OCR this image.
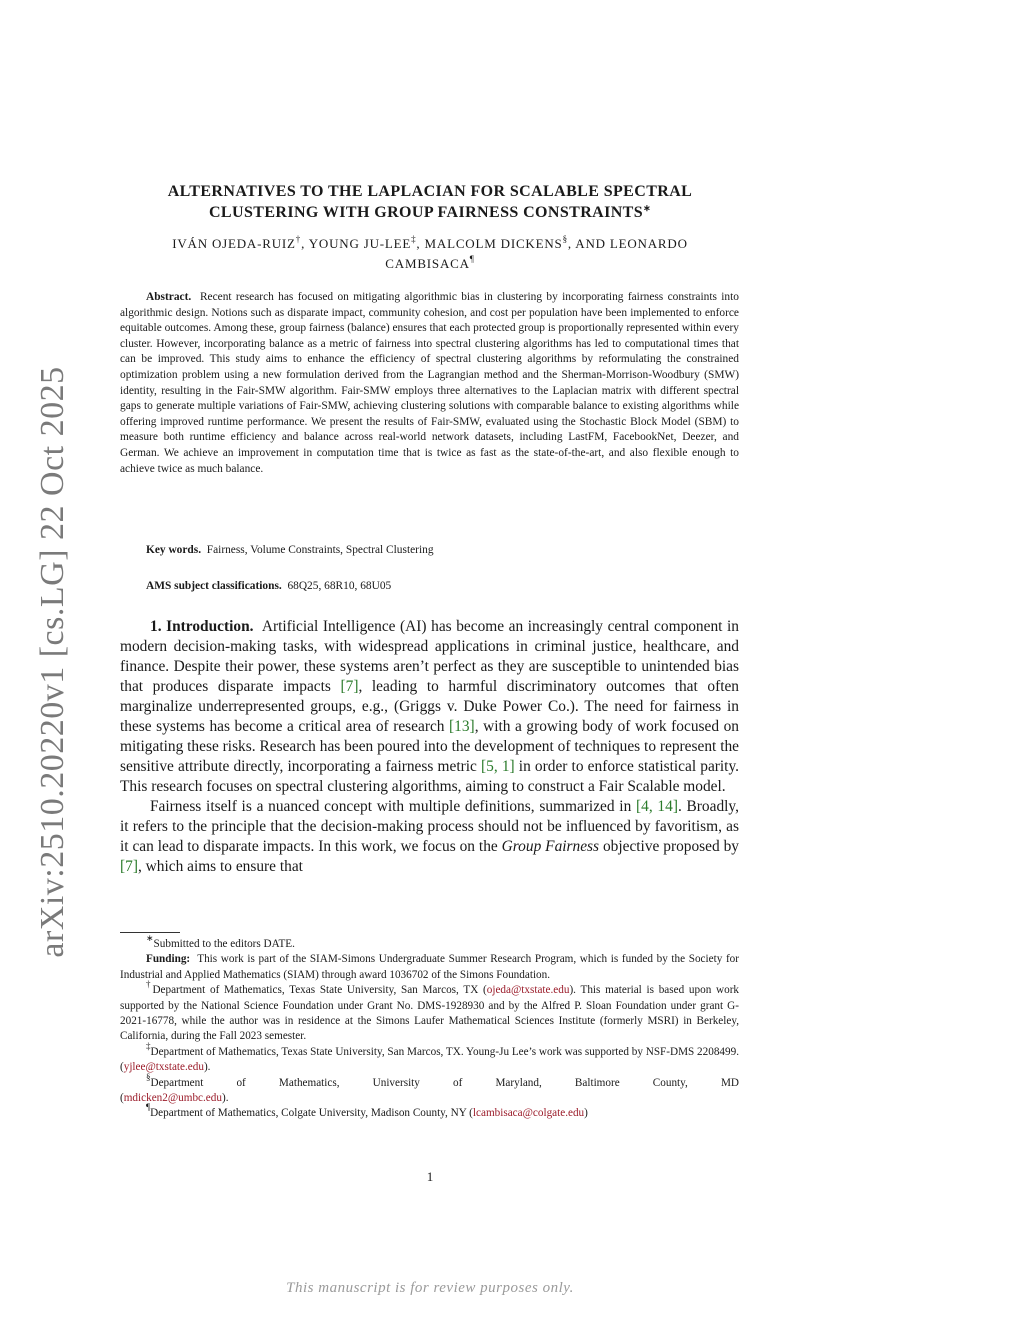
arXiv:2510.20220v1 [cs.LG] 22 Oct 2025
ALTERNATIVES TO THE LAPLACIAN FOR SCALABLE SPECTRAL
CLUSTERING WITH GROUP FAIRNESS CONSTRAINTS∗
IVÁN OJEDA-RUIZ†, YOUNG JU-LEE‡, MALCOLM DICKENS§, AND LEONARDO
CAMBISACA¶

Abstract. Recent research has focused on mitigating algorithmic bias in clustering by incorporating fairness constraints into algorithmic design. Notions such as disparate impact, community cohesion, and cost per population have been implemented to enforce equitable outcomes. Among these, group fairness (balance) ensures that each protected group is proportionally represented within every cluster. However, incorporating balance as a metric of fairness into spectral clustering algorithms has led to computational times that can be improved. This study aims to enhance the efficiency of spectral clustering algorithms by reformulating the constrained optimization problem using a new formulation derived from the Lagrangian method and the Sherman-Morrison-Woodbury (SMW) identity, resulting in the Fair-SMW algorithm. Fair-SMW employs three alternatives to the Laplacian matrix with different spectral gaps to generate multiple variations of Fair-SMW, achieving clustering solutions with comparable balance to existing algorithms while offering improved runtime performance. We present the results of Fair-SMW, evaluated using the Stochastic Block Model (SBM) to measure both runtime efficiency and balance across real-world network datasets, including LastFM, FacebookNet, Deezer, and German. We achieve an improvement in computation time that is twice as fast as the state-of-the-art, and also flexible enough to achieve twice as much balance.

Key words. Fairness, Volume Constraints, Spectral Clustering
AMS subject classifications. 68Q25, 68R10, 68U05

1. Introduction. Artificial Intelligence (AI) has become an increasingly central component in modern decision-making tasks, with widespread applications in criminal justice, healthcare, and finance. Despite their power, these systems aren’t perfect as they are susceptible to unintended bias that produces disparate impacts [7], leading to harmful discriminatory outcomes that often marginalize underrepresented groups, e.g., (Griggs v. Duke Power Co.). The need for fairness in these systems has become a critical area of research [13], with a growing body of work focused on mitigating these risks. Research has been poured into the development of techniques to represent the sensitive attribute directly, incorporating a fairness metric [5, 1] in order to enforce statistical parity. This research focuses on spectral clustering algorithms, aiming to construct a Fair Scalable model.

Fairness itself is a nuanced concept with multiple definitions, summarized in [4, 14]. Broadly, it refers to the principle that the decision-making process should not be influenced by favoritism, as it can lead to disparate impacts. In this work, we focus on the Group Fairness objective proposed by [7], which aims to ensure that

∗Submitted to the editors DATE.

Funding: This work is part of the SIAM-Simons Undergraduate Summer Research Program, which is funded by the Society for Industrial and Applied Mathematics (SIAM) through award 1036702 of the Simons Foundation.

†Department of Mathematics, Texas State University, San Marcos, TX (ojeda@txstate.edu). This material is based upon work supported by the National Science Foundation under Grant No. DMS-1928930 and by the Alfred P. Sloan Foundation under grant G-2021-16778, while the author was in residence at the Simons Laufer Mathematical Sciences Institute (formerly MSRI) in Berkeley, California, during the Fall 2023 semester.

‡Department of Mathematics, Texas State University, San Marcos, TX. Young-Ju Lee’s work was supported by NSF-DMS 2208499. (yjlee@txstate.edu).

§Department of Mathematics, University of Maryland, Baltimore County, MD

(mdicken2@umbc.edu).

¶Department of Mathematics, Colgate University, Madison County, NY (lcambisaca@colgate.edu)

1
This manuscript is for review purposes only.
